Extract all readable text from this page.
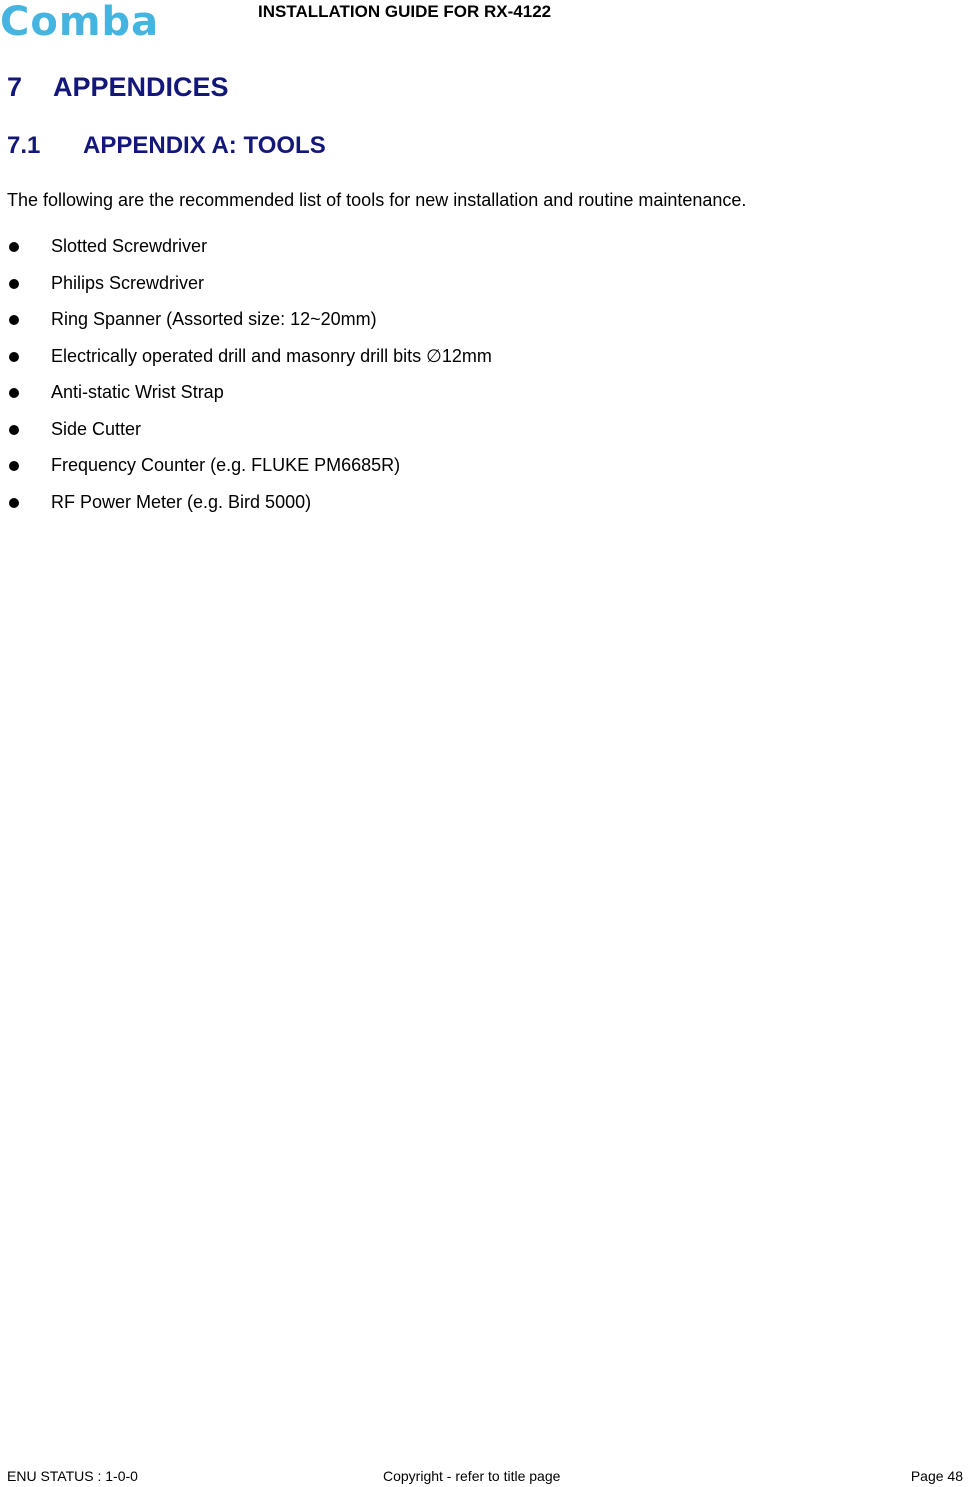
Comba	INSTALLATION GUIDE FOR RX-4122
7 APPENDICES
7.1 APPENDIX A: TOOLS
The following are the recommended list of tools for new installation and routine maintenance.
Slotted Screwdriver
Philips Screwdriver
Ring Spanner (Assorted size: 12~20mm)
Electrically operated drill and masonry drill bits ∅12mm
Anti-static Wrist Strap
Side Cutter
Frequency Counter (e.g. FLUKE PM6685R)
RF Power Meter (e.g. Bird 5000)
ENU STATUS : 1-0-0	Copyright - refer to title page	Page 48
